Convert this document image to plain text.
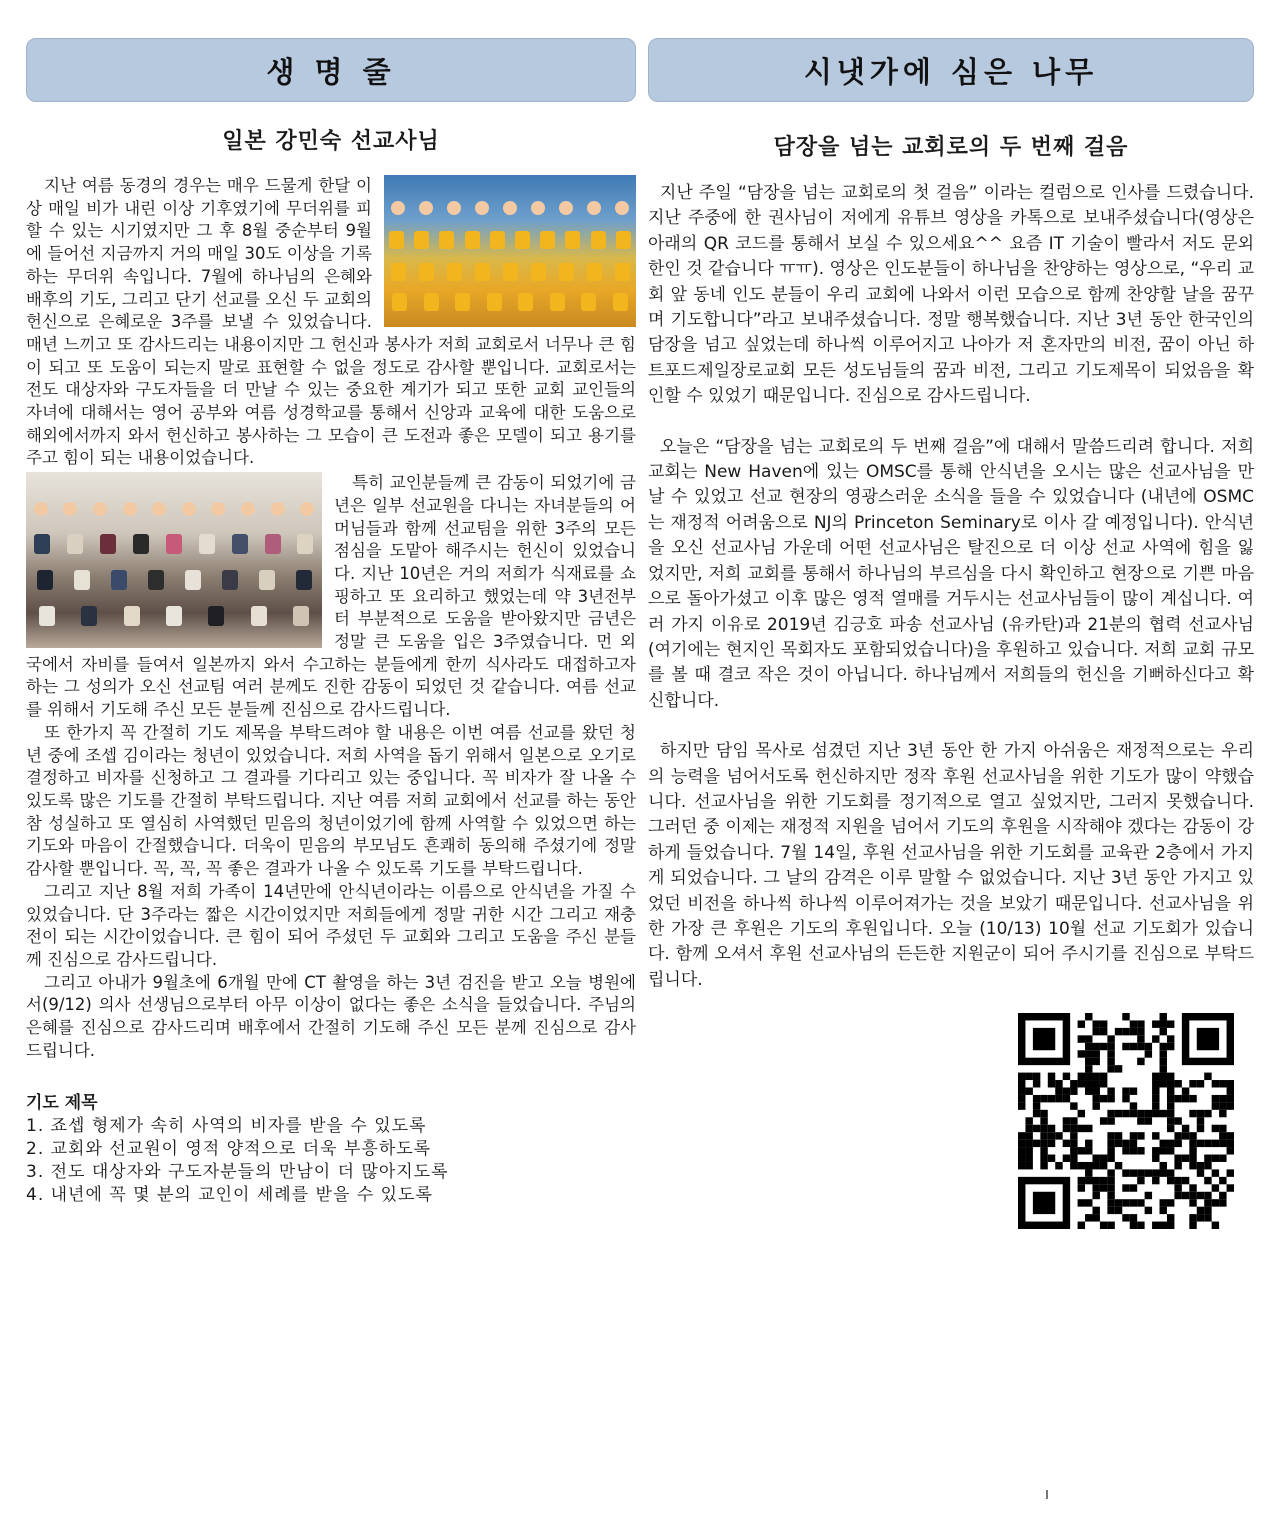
생 명 줄
일본 강민숙 선교사님

지난 여름 동경의 경우는 매우 드물게 한달 이상 매일 비가 내린 이상 기후였기에 무더위를 피할 수 있는 시기였지만 그 후 8월 중순부터 9월에 들어선 지금까지 거의 매일 30도 이상을 기록하는 무더위 속입니다. 7월에 하나님의 은혜와 배후의 기도, 그리고 단기 선교를 오신 두 교회의 헌신으로 은혜로운 3주를 보낼 수 있었습니다. 매년 느끼고 또 감사드리는 내용이지만 그 헌신과 봉사가 저희 교회로서 너무나 큰 힘이 되고 또 도움이 되는지 말로 표현할 수 없을 정도로 감사할 뿐입니다. 교회로서는 전도 대상자와 구도자들을 더 만날 수 있는 중요한 계기가 되고 또한 교회 교인들의 자녀에 대해서는 영어 공부와 여름 성경학교를 통해서 신앙과 교육에 대한 도움으로 해외에서까지 와서 헌신하고 봉사하는 그 모습이 큰 도전과 좋은 모델이 되고 용기를 주고 힘이 되는 내용이었습니다.

특히 교인분들께 큰 감동이 되었기에 금년은 일부 선교원을 다니는 자녀분들의 어머님들과 함께 선교팀을 위한 3주의 모든 점심을 도맡아 해주시는 헌신이 있었습니다. 지난 10년은 거의 저희가 식재료를 쇼핑하고 또 요리하고 했었는데 약 3년전부터 부분적으로 도움을 받아왔지만 금년은 정말 큰 도움을 입은 3주였습니다. 먼 외국에서 자비를 들여서 일본까지 와서 수고하는 분들에게 한끼 식사라도 대접하고자 하는 그 성의가 오신 선교팀 여러 분께도 진한 감동이 되었던 것 같습니다. 여름 선교를 위해서 기도해 주신 모든 분들께 진심으로 감사드립니다.

또 한가지 꼭 간절히 기도 제목을 부탁드려야 할 내용은 이번 여름 선교를 왔던 청년 중에 조셉 김이라는 청년이 있었습니다. 저희 사역을 돕기 위해서 일본으로 오기로 결정하고 비자를 신청하고 그 결과를 기다리고 있는 중입니다. 꼭 비자가 잘 나올 수 있도록 많은 기도를 간절히 부탁드립니다. 지난 여름 저희 교회에서 선교를 하는 동안 참 성실하고 또 열심히 사역했던 믿음의 청년이었기에 함께 사역할 수 있었으면 하는 기도와 마음이 간절했습니다. 더욱이 믿음의 부모님도 흔쾌히 동의해 주셨기에 정말 감사할 뿐입니다. 꼭, 꼭, 꼭 좋은 결과가 나올 수 있도록 기도를 부탁드립니다.

그리고 지난 8월 저희 가족이 14년만에 안식년이라는 이름으로 안식년을 가질 수 있었습니다. 단 3주라는 짧은 시간이었지만 저희들에게 정말 귀한 시간 그리고 재충전이 되는 시간이었습니다. 큰 힘이 되어 주셨던 두 교회와 그리고 도움을 주신 분들께 진심으로 감사드립니다.

그리고 아내가 9월초에 6개월 만에 CT 촬영을 하는 3년 검진을 받고 오늘 병원에서(9/12) 의사 선생님으로부터 아무 이상이 없다는 좋은 소식을 들었습니다. 주님의 은혜를 진심으로 감사드리며 배후에서 간절히 기도해 주신 모든 분께 진심으로 감사드립니다.

기도 제목
1. 죠셉 형제가 속히 사역의 비자를 받을 수 있도록
2. 교회와 선교원이 영적 양적으로 더욱 부흥하도록
3. 전도 대상자와 구도자분들의 만남이 더 많아지도록
4. 내년에 꼭 몇 분의 교인이 세례를 받을 수 있도록
시냇가에 심은 나무
담장을 넘는 교회로의 두 번째 걸음

지난 주일 “담장을 넘는 교회로의 첫 걸음” 이라는 컬럼으로 인사를 드렸습니다. 지난 주중에 한 권사님이 저에게 유튜브 영상을 카톡으로 보내주셨습니다(영상은 아래의 QR 코드를 통해서 보실 수 있으세요^^ 요즘 IT 기술이 빨라서 저도 문외한인 것 같습니다 ㅠㅠ). 영상은 인도분들이 하나님을 찬양하는 영상으로, “우리 교회 앞 동네 인도 분들이 우리 교회에 나와서 이런 모습으로 함께 찬양할 날을 꿈꾸며 기도합니다”라고 보내주셨습니다. 정말 행복했습니다. 지난 3년 동안 한국인의 담장을 넘고 싶었는데 하나씩 이루어지고 나아가 저 혼자만의 비전, 꿈이 아닌 하트포드제일장로교회 모든 성도님들의 꿈과 비전, 그리고 기도제목이 되었음을 확인할 수 있었기 때문입니다. 진심으로 감사드립니다.

오늘은 “담장을 넘는 교회로의 두 번째 걸음”에 대해서 말씀드리려 합니다. 저희 교회는 New Haven에 있는 OMSC를 통해 안식년을 오시는 많은 선교사님을 만날 수 있었고 선교 현장의 영광스러운 소식을 들을 수 있었습니다 (내년에 OSMC는 재정적 어려움으로 NJ의 Princeton Seminary로 이사 갈 예정입니다). 안식년을 오신 선교사님 가운데 어떤 선교사님은 탈진으로 더 이상 선교 사역에 힘을 잃었지만, 저희 교회를 통해서 하나님의 부르심을 다시 확인하고 현장으로 기쁜 마음으로 돌아가셨고 이후 많은 영적 열매를 거두시는 선교사님들이 많이 계십니다. 여러 가지 이유로 2019년 김긍호 파송 선교사님 (유카탄)과 21분의 협력 선교사님 (여기에는 현지인 목회자도 포함되었습니다)을 후원하고 있습니다. 저희 교회 규모를 볼 때 결코 작은 것이 아닙니다. 하나님께서 저희들의 헌신을 기뻐하신다고 확신합니다.

하지만 담임 목사로 섬겼던 지난 3년 동안 한 가지 아쉬움은 재정적으로는 우리의 능력을 넘어서도록 헌신하지만 정작 후원 선교사님을 위한 기도가 많이 약했습니다. 선교사님을 위한 기도회를 정기적으로 열고 싶었지만, 그러지 못했습니다. 그러던 중 이제는 재정적 지원을 넘어서 기도의 후원을 시작해야 겠다는 감동이 강하게 들었습니다. 7월 14일, 후원 선교사님을 위한 기도회를 교육관 2층에서 가지게 되었습니다. 그 날의 감격은 이루 말할 수 없었습니다. 지난 3년 동안 가지고 있었던 비전을 하나씩 하나씩 이루어져가는 것을 보았기 때문입니다. 선교사님을 위한 가장 큰 후원은 기도의 후원입니다. 오늘 (10/13) 10월 선교 기도회가 있습니다. 함께 오셔서 후원 선교사님의 든든한 지원군이 되어 주시기를 진심으로 부탁드립니다.
